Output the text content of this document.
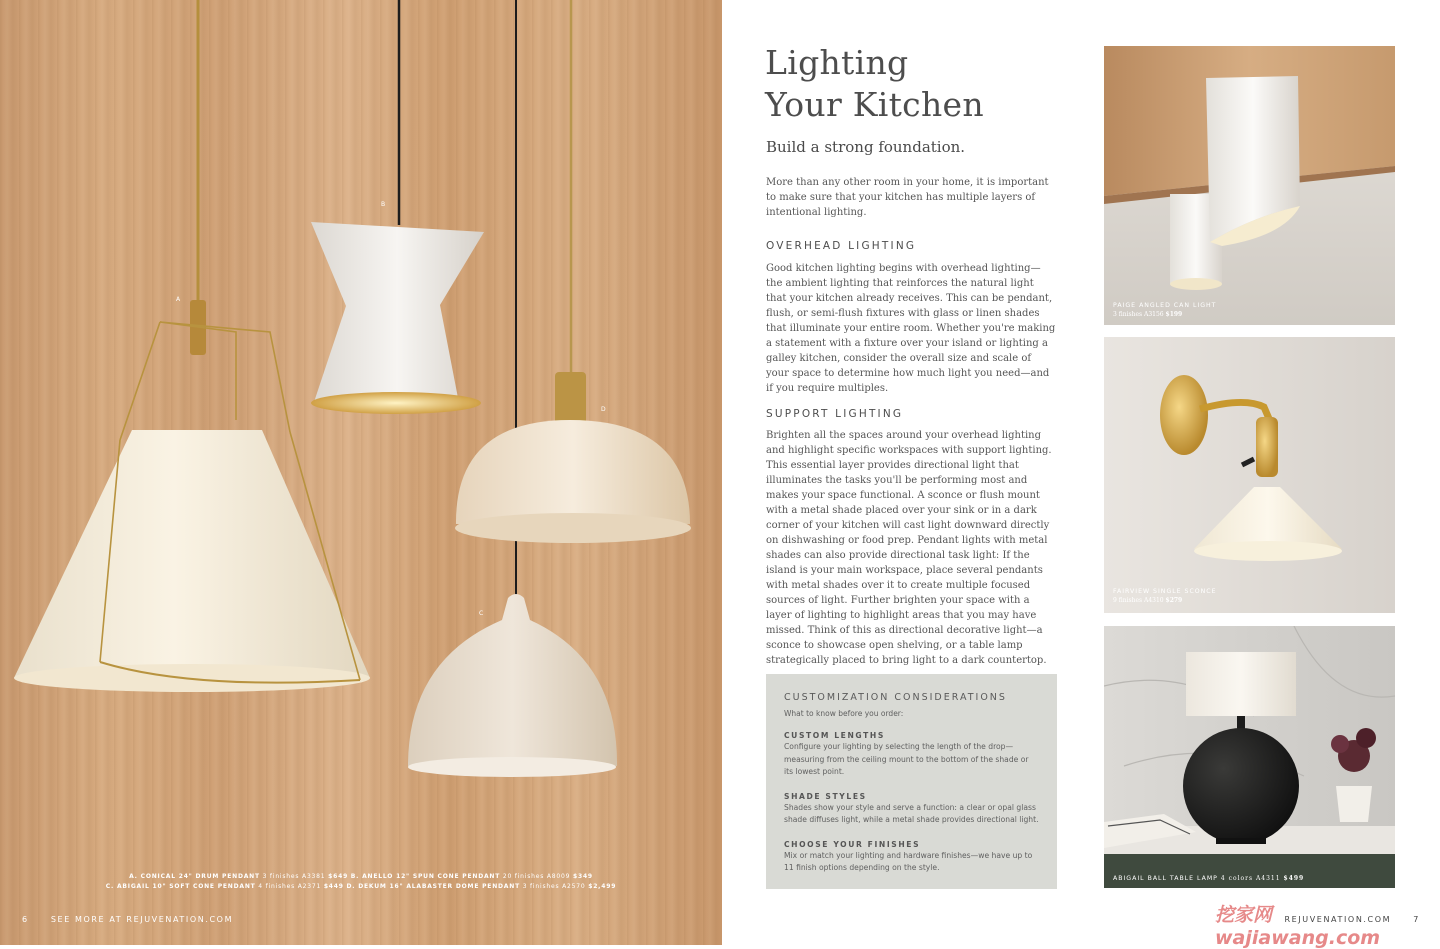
A
B
C
D
A. CONICAL 24" DRUM PENDANT 3 finishes A3381 $649 B. ANELLO 12" SPUN CONE PENDANT 20 finishes A8009 $349
C. ABIGAIL 10" SOFT CONE PENDANT 4 finishes A2371 $449 D. DEKUM 16" ALABASTER DOME PENDANT 3 finishes A2570 $2,499
6	SEE MORE AT REJUVENATION.COM
Lighting
Your Kitchen
Build a strong foundation.
More than any other room in your home, it is important to make sure that your kitchen has multiple layers of intentional lighting.
OVERHEAD LIGHTING
Good kitchen lighting begins with overhead lighting—the ambient lighting that reinforces the natural light that your kitchen already receives. This can be pendant, flush, or semi-flush fixtures with glass or linen shades that illuminate your entire room. Whether you're making a statement with a fixture over your island or lighting a galley kitchen, consider the overall size and scale of your space to determine how much light you need—and if you require multiples.
SUPPORT LIGHTING
Brighten all the spaces around your overhead lighting and highlight specific workspaces with support lighting. This essential layer provides directional light that illuminates the tasks you'll be performing most and makes your space functional. A sconce or flush mount with a metal shade placed over your sink or in a dark corner of your kitchen will cast light downward directly on dishwashing or food prep. Pendant lights with metal shades can also provide directional task light: If the island is your main workspace, place several pendants with metal shades over it to create multiple focused sources of light. Further brighten your space with a layer of lighting to highlight areas that you may have missed. Think of this as directional decorative light—a sconce to showcase open shelving, or a table lamp strategically placed to bring light to a dark countertop.
CUSTOMIZATION CONSIDERATIONS
What to know before you order:
CUSTOM LENGTHS
Configure your lighting by selecting the length of the drop—measuring from the ceiling mount to the bottom of the shade or its lowest point.
SHADE STYLES
Shades show your style and serve a function: a clear or opal glass shade diffuses light, while a metal shade provides directional light.
CHOOSE YOUR FINISHES
Mix or match your lighting and hardware finishes—we have up to 11 finish options depending on the style.
PAIGE ANGLED CAN LIGHT
3 finishes A3156 $199
FAIRVIEW SINGLE SCONCE
9 finishes A4310 $279
ABIGAIL BALL TABLE LAMP 4 colors A4311 $499
REJUVENATION.COM	7
挖家网 wajiawang.com
